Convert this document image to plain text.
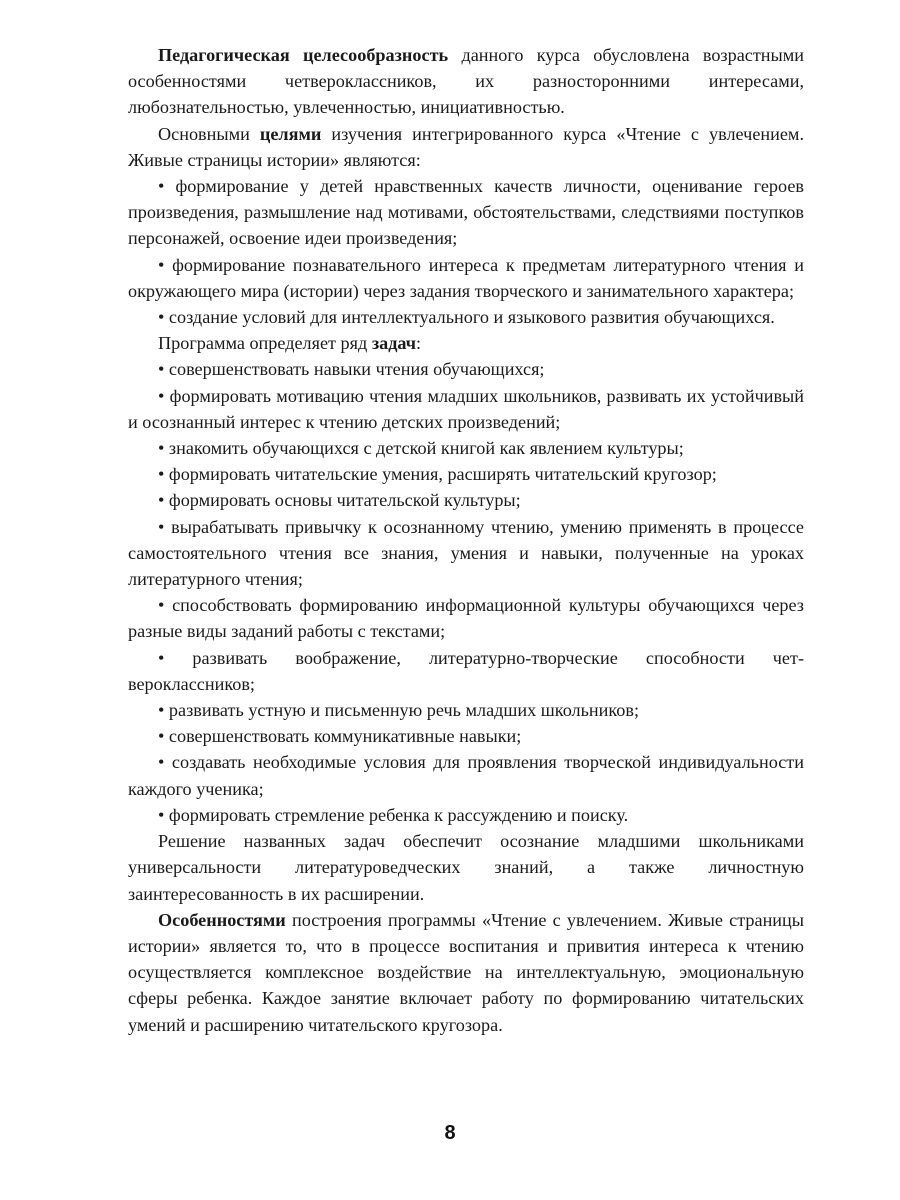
Педагогическая целесообразность данного курса обусловлена возрастными особенностями четвероклассников, их разносторонними интересами, любознательностью, увлеченностью, инициативностью.

Основными целями изучения интегрированного курса «Чтение с увлечением. Живые страницы истории» являются:

• формирование у детей нравственных качеств личности, оценивание героев произведения, размышление над мотивами, обстоятельствами, следствиями поступков персонажей, освоение идеи произведения;

• формирование познавательного интереса к предметам литературного чтения и окружающего мира (истории) через задания творческого и занимательного характера;

• создание условий для интеллектуального и языкового развития обучающихся.

Программа определяет ряд задач:

• совершенствовать навыки чтения обучающихся;

• формировать мотивацию чтения младших школьников, развивать их устойчивый и осознанный интерес к чтению детских произведений;

• знакомить обучающихся с детской книгой как явлением культуры;

• формировать читательские умения, расширять читательский кругозор;

• формировать основы читательской культуры;

• вырабатывать привычку к осознанному чтению, умению применять в процессе самостоятельного чтения все знания, умения и навыки, полученные на уроках литературного чтения;

• способствовать формированию информационной культуры обучающихся через разные виды заданий работы с текстами;

• развивать воображение, литературно-творческие способности четвероклассников;

• развивать устную и письменную речь младших школьников;

• совершенствовать коммуникативные навыки;

• создавать необходимые условия для проявления творческой индивидуальности каждого ученика;

• формировать стремление ребенка к рассуждению и поиску.

Решение названных задач обеспечит осознание младшими школьниками универсальности литературоведческих знаний, а также личностную заинтересованность в их расширении.

Особенностями построения программы «Чтение с увлечением. Живые страницы истории» является то, что в процессе воспитания и привития интереса к чтению осуществляется комплексное воздействие на интеллектуальную, эмоциональную сферы ребенка. Каждое занятие включает работу по формированию читательских умений и расширению читательского кругозора.

8
